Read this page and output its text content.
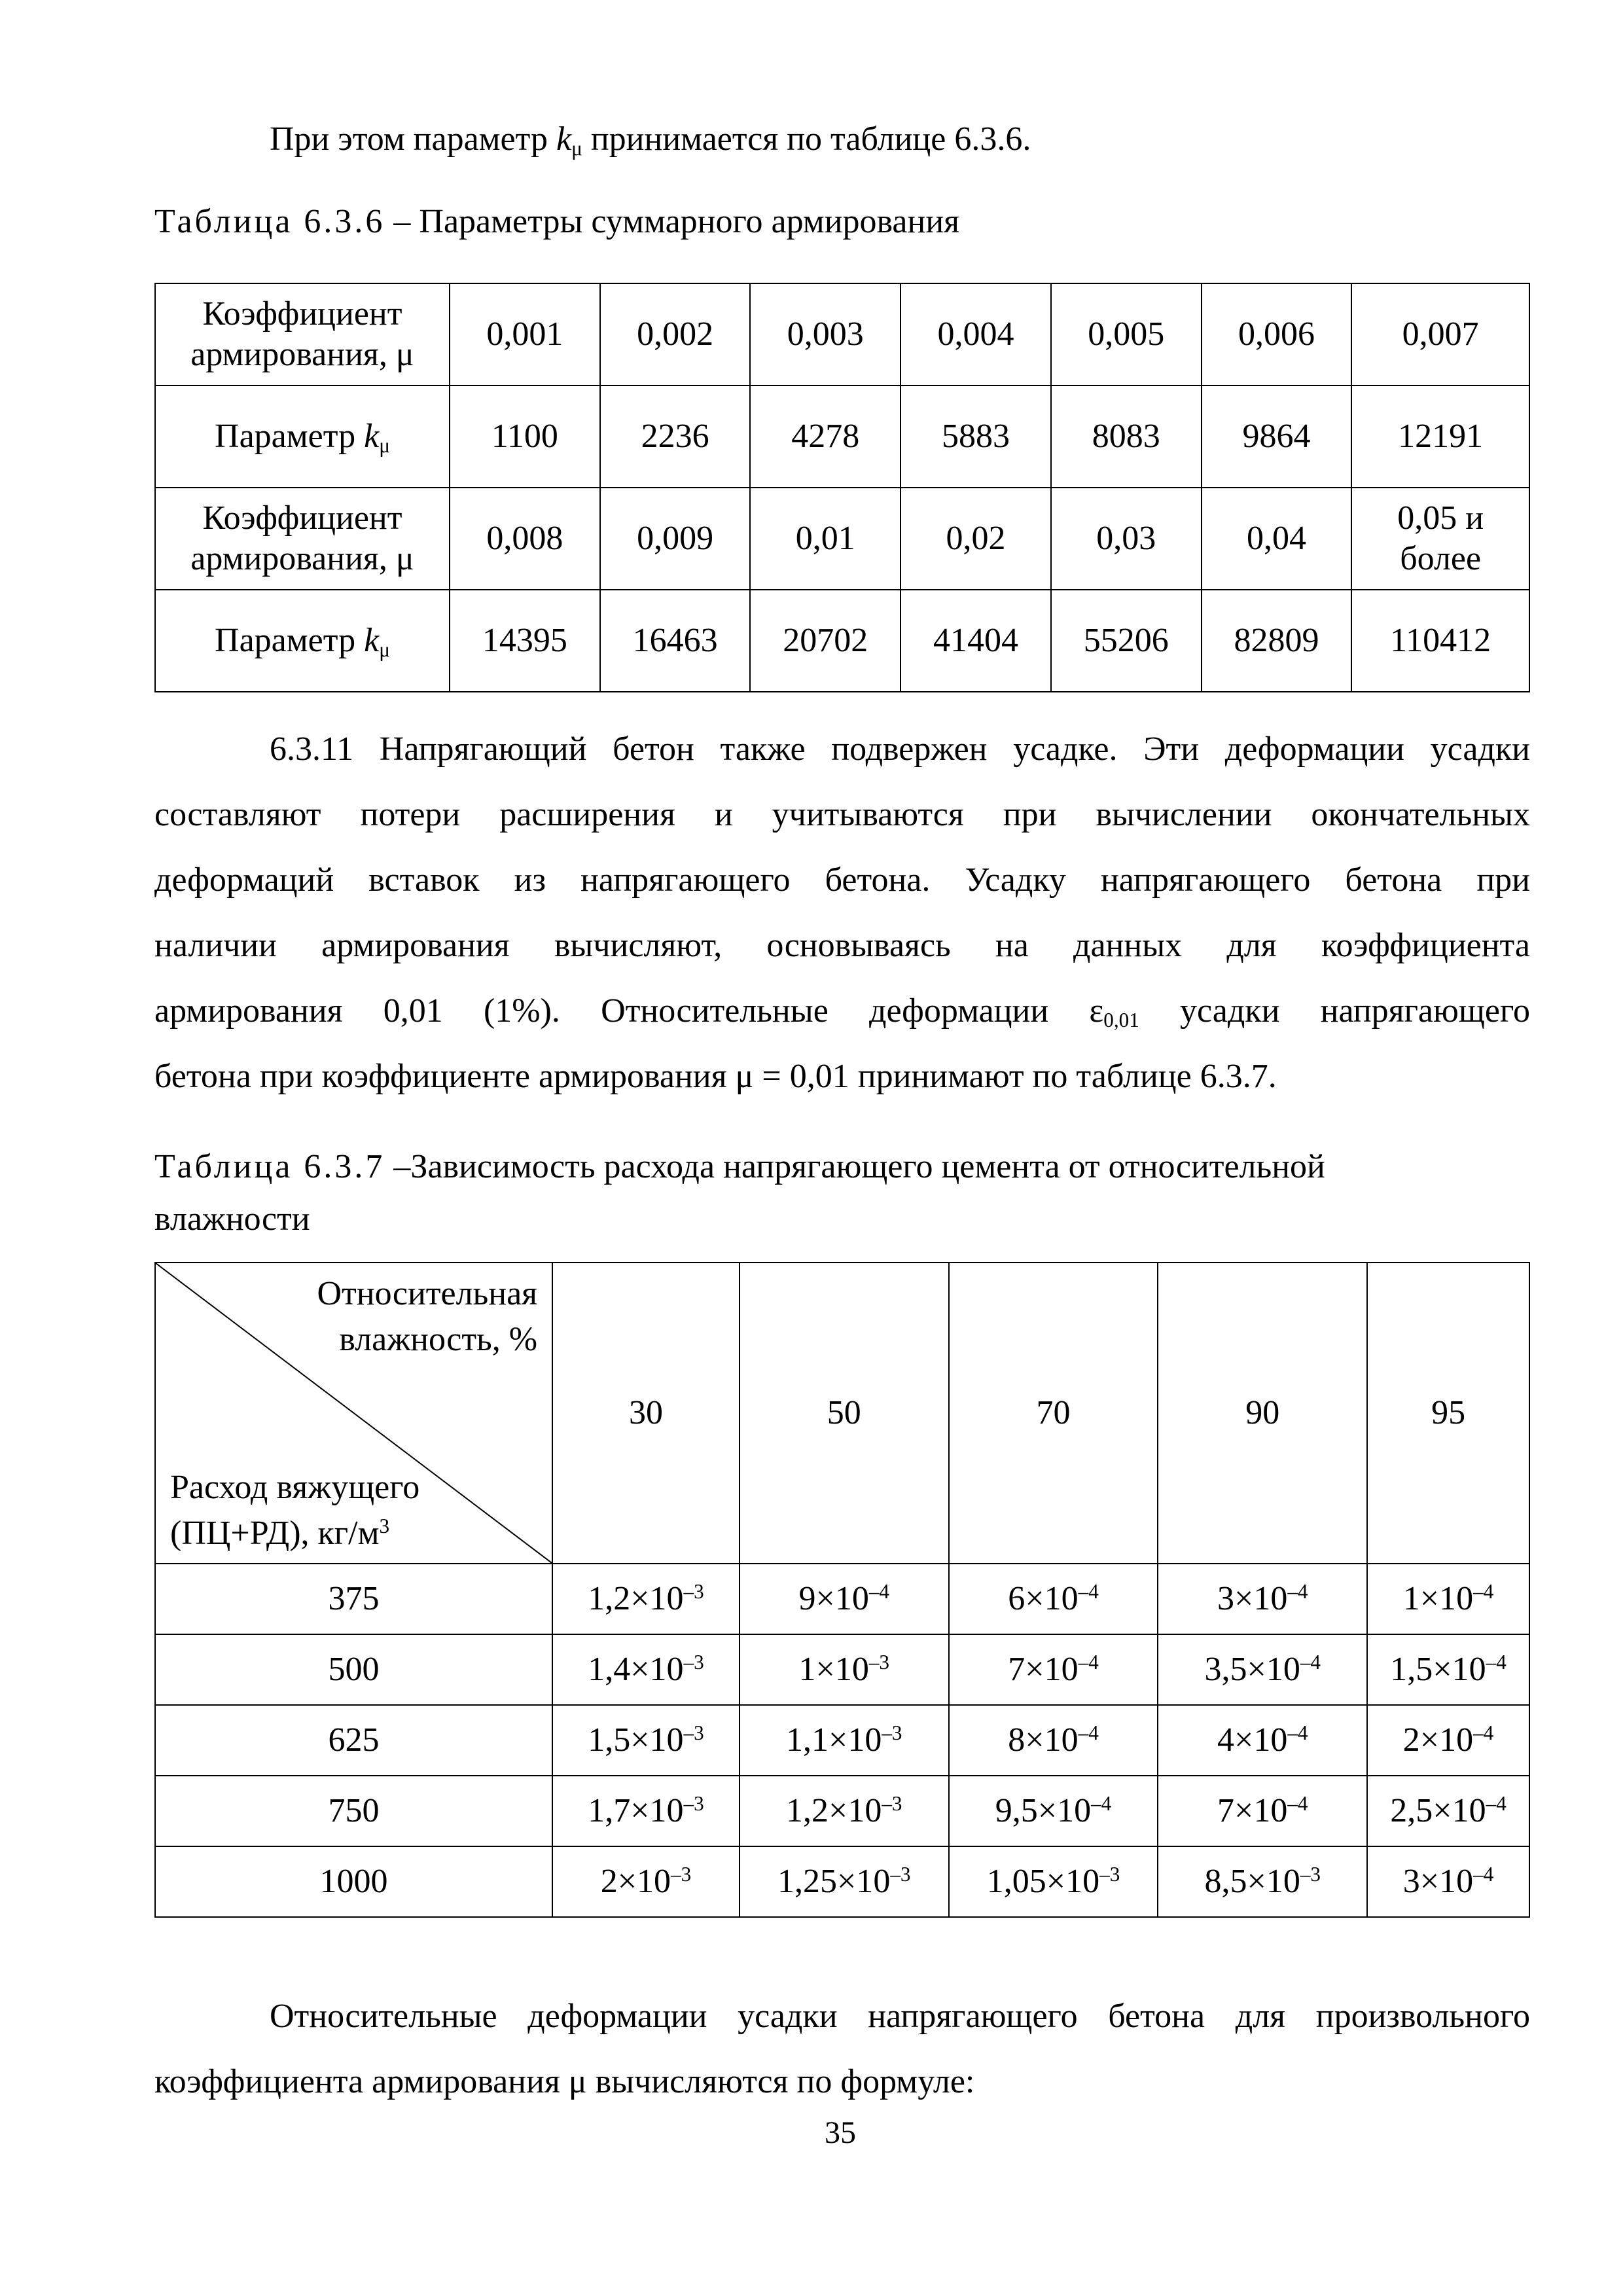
При этом параметр $k_\mu$ принимается по таблице 6.3.6.
Таблица 6.3.6 – Параметры суммарного армирования
Коэффициент
армирования, μ	0,001	0,002	0,003	0,004	0,005	0,006	0,007
Параметр $k_\mu$	1100	2236	4278	5883	8083	9864	12191
Коэффициент
армирования, μ	0,008	0,009	0,01	0,02	0,03	0,04	0,05 и
более
Параметр $k_\mu$	14395	16463	20702	41404	55206	82809	110412
6.3.11 Напрягающий бетон также подвержен усадке. Эти деформации усадки
составляют потери расширения и учитываются при вычислении окончательных
деформаций вставок из напрягающего бетона. Усадку напрягающего бетона при
наличии армирования вычисляют, основываясь на данных для коэффициента
армирования 0,01 (1%). Относительные деформации $\varepsilon_{0,01}$ усадки напрягающего
бетона при коэффициенте армирования μ = 0,01 принимают по таблице 6.3.7.
Таблица 6.3.7 –Зависимость расхода напрягающего цемента от относительной
влажности
Относительная
влажность, %
Расход вяжущего
(ПЦ+РД), $кг/м^3$	30	50	70	90	95
375	$1,2\times 10^{-3}$	$9\times 10^{-4}$	$6\times 10^{-4}$	$3\times 10^{-4}$	$1\times 10^{-4}$
500	$1,4\times 10^{-3}$	$1\times 10^{-3}$	$7\times 10^{-4}$	$3,5\times 10^{-4}$	$1,5\times 10^{-4}$
625	$1,5\times 10^{-3}$	$1,1\times 10^{-3}$	$8\times 10^{-4}$	$4\times 10^{-4}$	$2\times 10^{-4}$
750	$1,7\times 10^{-3}$	$1,2\times 10^{-3}$	$9,5\times 10^{-4}$	$7\times 10^{-4}$	$2,5\times 10^{-4}$
1000	$2\times 10^{-3}$	$1,25\times 10^{-3}$	$1,05\times 10^{-3}$	$8,5\times 10^{-3}$	$3\times 10^{-4}$
Относительные деформации усадки напрягающего бетона для произвольного
коэффициента армирования μ вычисляются по формуле:
35
